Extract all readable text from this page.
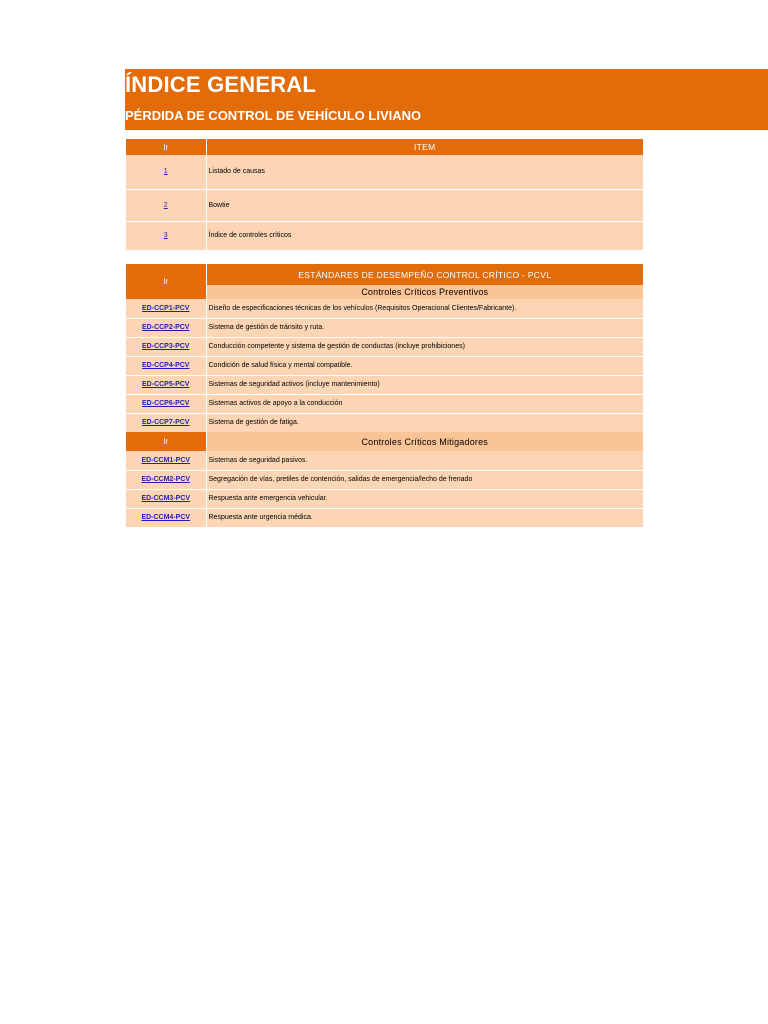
ÍNDICE GENERAL
PÉRDIDA DE CONTROL DE VEHÍCULO LIVIANO
Ir	ITEM
1	Listado de causas
2	Bowtie
3	Índice de controles críticos
Ir	ESTÁNDARES DE DESEMPEÑO CONTROL CRÍTICO - PCVL
	Controles Críticos Preventivos
ED-CCP1-PCV	Diseño de especificaciones técnicas de los vehículos (Requisitos Operacional Clientes/Fabricante).
ED-CCP2-PCV	Sistema de gestión de tránsito y ruta.
ED-CCP3-PCV	Conducción competente y sistema de gestión de conductas (incluye prohibiciones)
ED-CCP4-PCV	Condición de salud física y mental compatible.
ED-CCP5-PCV	Sistemas de seguridad activos (incluye mantenimiento)
ED-CCP6-PCV	Sistemas activos de apoyo a la conducción
ED-CCP7-PCV	Sistema de gestión de fatiga.
Ir	Controles Críticos Mitigadores
ED-CCM1-PCV	Sistemas de seguridad pasivos.
ED-CCM2-PCV	Segregación de vías, pretiles de contención, salidas de emergencia/lecho de frenado
ED-CCM3-PCV	Respuesta ante emergencia vehicular.
ED-CCM4-PCV	Respuesta ante urgencia médica.
